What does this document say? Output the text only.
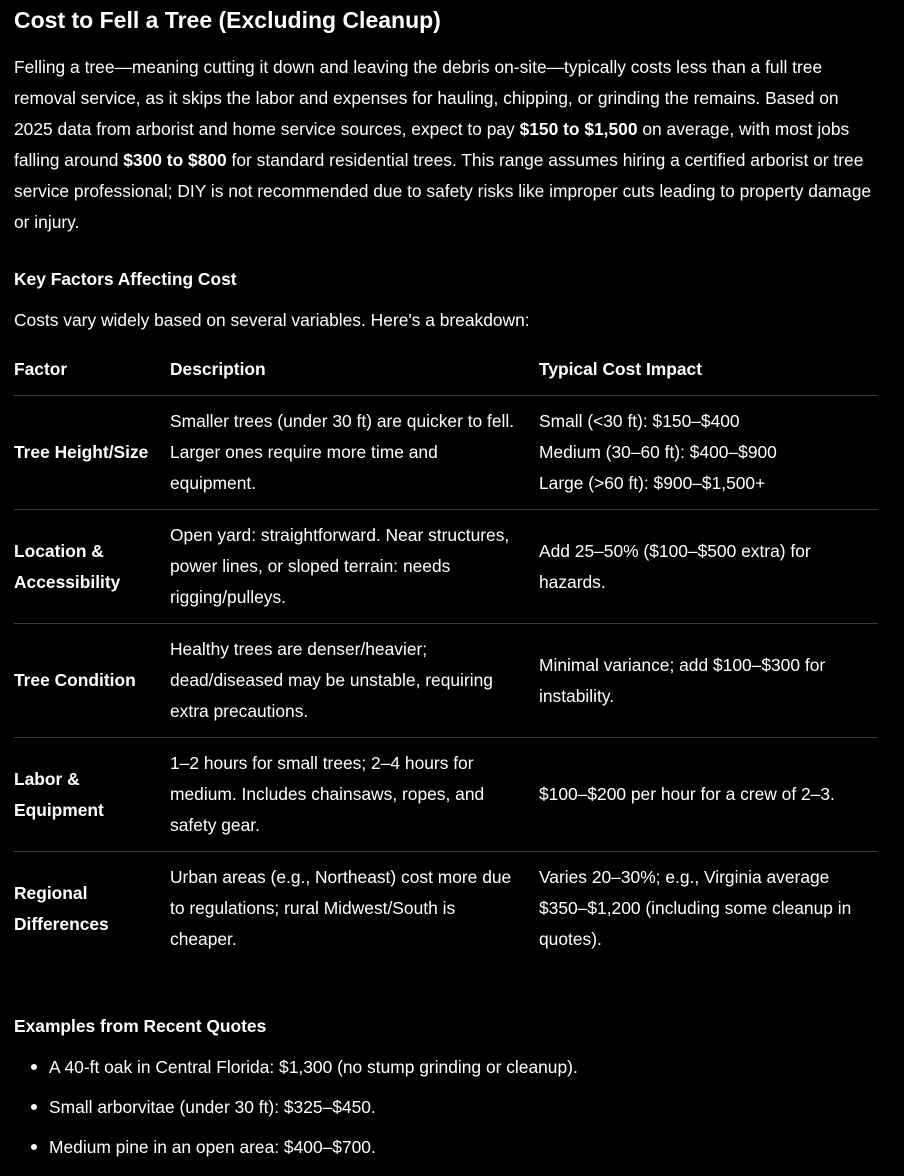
Cost to Fell a Tree (Excluding Cleanup)

Felling a tree—meaning cutting it down and leaving the debris on-site—typically costs less than a full tree removal service, as it skips the labor and expenses for hauling, chipping, or grinding the remains. Based on 2025 data from arborist and home service sources, expect to pay $150 to $1,500 on average, with most jobs falling around $300 to $800 for standard residential trees. This range assumes hiring a certified arborist or tree service professional; DIY is not recommended due to safety risks like improper cuts leading to property damage or injury.

Key Factors Affecting Cost

Costs vary widely based on several variables. Here's a breakdown:

Factor	Description	Typical Cost Impact
Tree Height/Size	Smaller trees (under 30 ft) are quicker to fell. Larger ones require more time and equipment.	Small (<30 ft): $150–$400
Medium (30–60 ft): $400–$900
Large (>60 ft): $900–$1,500+

Location & Accessibility	Open yard: straightforward. Near structures, power lines, or sloped terrain: needs rigging/pulleys.	Add 25–50% ($100–$500 extra) for hazards.
Tree Condition	Healthy trees are denser/heavier; dead/diseased may be unstable, requiring extra precautions.	Minimal variance; add $100–$300 for instability.
Labor & Equipment	1–2 hours for small trees; 2–4 hours for medium. Includes chainsaws, ropes, and safety gear.	$100–$200 per hour for a crew of 2–3.
Regional Differences	Urban areas (e.g., Northeast) cost more due to regulations; rural Midwest/South is cheaper.	Varies 20–30%; e.g., Virginia average $350–$1,200 (including some cleanup in quotes).
Examples from Recent Quotes
A 40-ft oak in Central Florida: $1,300 (no stump grinding or cleanup).
Small arborvitae (under 30 ft): $325–$450.
Medium pine in an open area: $400–$700.
